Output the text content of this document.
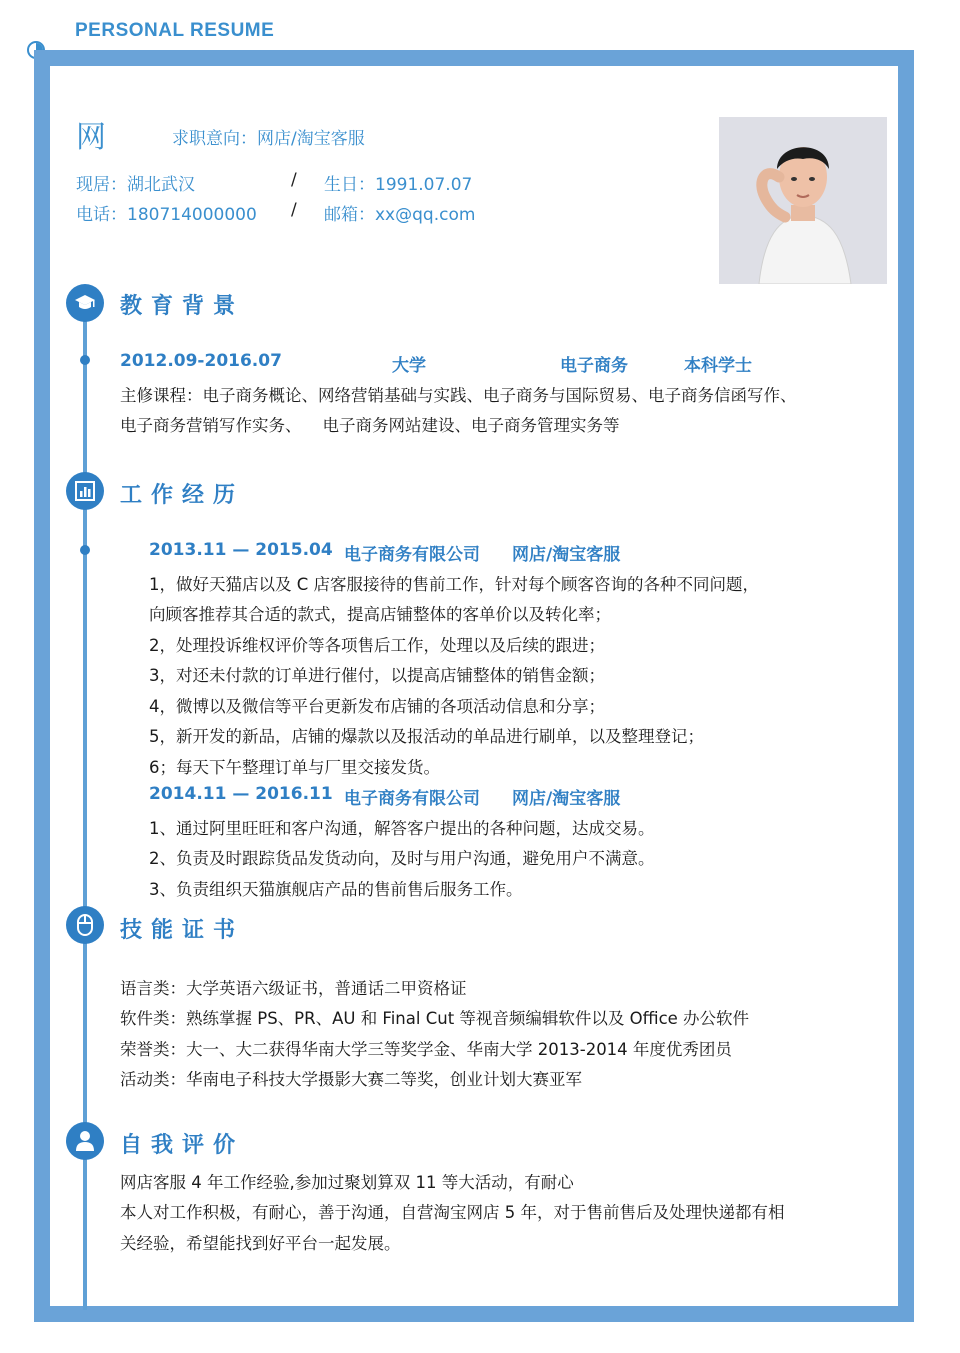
PERSONAL RESUME
网	求职意向：网店/淘宝客服
现居：湖北武汉	/ 生日：1991.07.07
电话：180714000000 / 邮箱：xx@qq.com
教育背景
2012.09-2016.07	大学	电子商务	本科学士
主修课程：电子商务概论、网络营销基础与实践、电子商务与国际贸易、电子商务信函写作、
电子商务营销写作实务、    电子商务网站建设、电子商务管理实务等
工作经历
2013.11 — 2015.04 电子商务有限公司 网店/淘宝客服
1，做好天猫店以及 C 店客服接待的售前工作，针对每个顾客咨询的各种不同问题，
向顾客推荐其合适的款式，提高店铺整体的客单价以及转化率；
2，处理投诉维权评价等各项售后工作，处理以及后续的跟进；
3，对还未付款的订单进行催付，以提高店铺整体的销售金额；
4，微博以及微信等平台更新发布店铺的各项活动信息和分享；
5，新开发的新品，店铺的爆款以及报活动的单品进行刷单，以及整理登记；
6；每天下午整理订单与厂里交接发货。
2014.11 — 2016.11 电子商务有限公司 网店/淘宝客服
1、通过阿里旺旺和客户沟通，解答客户提出的各种问题，达成交易。
2、负责及时跟踪货品发货动向，及时与用户沟通，避免用户不满意。
3、负责组织天猫旗舰店产品的售前售后服务工作。
技能证书
语言类：大学英语六级证书，普通话二甲资格证
软件类：熟练掌握 PS、PR、AU 和 Final Cut 等视音频编辑软件以及 Office 办公软件
荣誉类：大一、大二获得华南大学三等奖学金、华南大学 2013-2014 年度优秀团员
活动类：华南电子科技大学摄影大赛二等奖，创业计划大赛亚军
自我评价
网店客服 4 年工作经验,参加过聚划算双 11 等大活动，有耐心
本人对工作积极，有耐心，善于沟通，自营淘宝网店 5 年，对于售前售后及处理快递都有相
关经验，希望能找到好平台一起发展。
